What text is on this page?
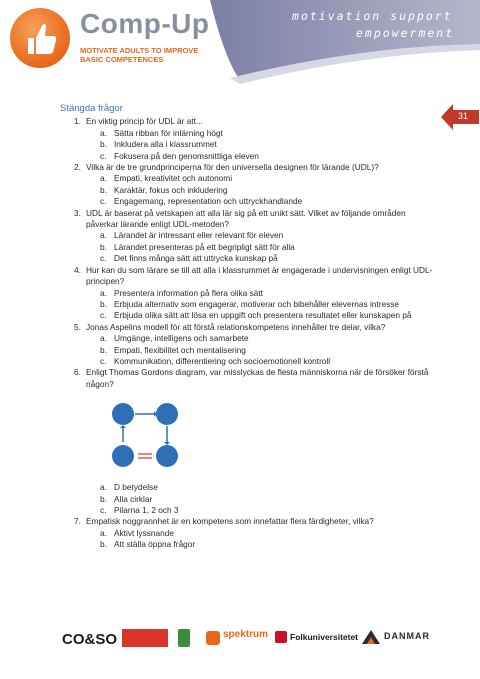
Comp-Up
MOTIVATE ADULTS TO IMPROVE
BASIC COMPETENCES
motivation support
empowerment
31
Stängda frågor
1. En viktig princip för UDL är att...
a. Sätta ribban för inlärning högt
b. Inkludera alla i klassrummet
c. Fokusera på den genomsnittliga eleven
2. Vilka är de tre grundprinciperna för den universella designen för lärande (UDL)?
a. Empati, kreativitet och autonomi
b. Karaktär, fokus och inkludering
c. Engagemang, representation och uttryckhandlande
3. UDL är baserat på vetskapen att alla lär sig på ett unikt sätt. Vilket av följande områden påverkar lärande enligt UDL-metoden?
a. Lärandet är intressant eller relevant för eleven
b. Lärandet presenteras på ett begripligt sätt för alla
c. Det finns många sätt att uttrycka kunskap på
4. Hur kan du som lärare se till att alla i klassrummet är engagerade i undervisningen enligt UDL-principen?
a. Presentera information på flera olika sätt
b. Erbjuda alternativ som engagerar, motiverar och bibehåller elevernas intresse
c. Erbjuda olika sätt att lösa en uppgift och presentera resultatet eller kunskapen på
5. Jonas Aspelins modell för att förstå relationskompetens innehåller tre delar, vilka?
a. Umgänge, intelligens och samarbete
b. Empati, flexibilitet och mentalisering
c. Kommunikation, differentiering och socioemotionell kontroll
6. Enligt Thomas Gordons diagram, var misslyckas de flesta människorna när de försöker förstå någon?
a. D betydelse
b. Alla cirklar
c. Pilarna 1, 2 och 3
7. Empatisk noggrannhet är en kompetens som innefattar flera färdigheter, vilka?
a. Aktivt lyssnande
b. Att ställa öppna frågor
CO&SO	spektrum	Folkuniversitetet	DANMAR
